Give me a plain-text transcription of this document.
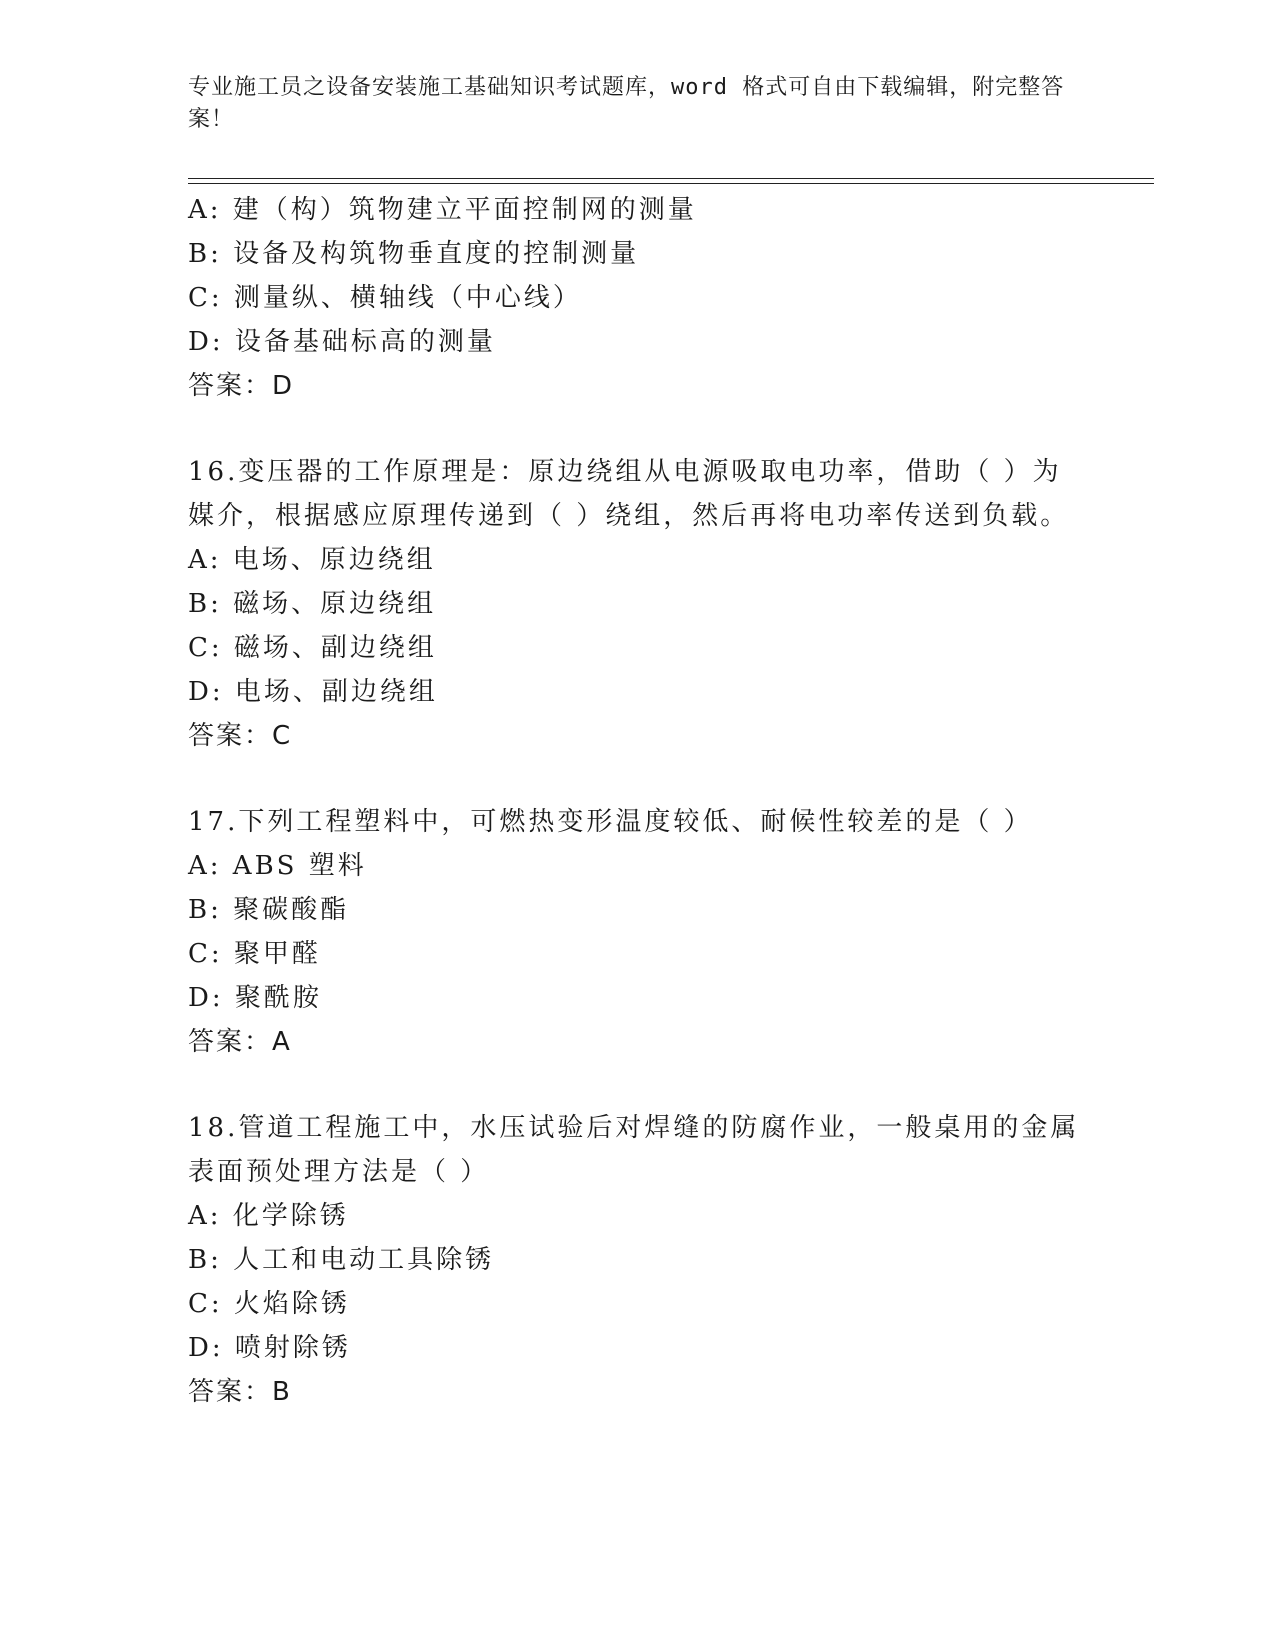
专业施工员之设备安装施工基础知识考试题库，word 格式可自由下载编辑，附完整答案！
A: 建（构）筑物建立平面控制网的测量
B: 设备及构筑物垂直度的控制测量
C: 测量纵、横轴线（中心线）
D: 设备基础标高的测量
答案：D
16.变压器的工作原理是：原边绕组从电源吸取电功率，借助（ ）为
媒介，根据感应原理传递到（ ）绕组，然后再将电功率传送到负载。
A: 电场、原边绕组
B: 磁场、原边绕组
C: 磁场、副边绕组
D: 电场、副边绕组
答案：C
17.下列工程塑料中，可燃热变形温度较低、耐候性较差的是（ ）
A: ABS 塑料
B: 聚碳酸酯
C: 聚甲醛
D: 聚酰胺
答案：A
18.管道工程施工中，水压试验后对焊缝的防腐作业，一般桌用的金属
表面预处理方法是（ ）
A: 化学除锈
B: 人工和电动工具除锈
C: 火焰除锈
D: 喷射除锈
答案：B
